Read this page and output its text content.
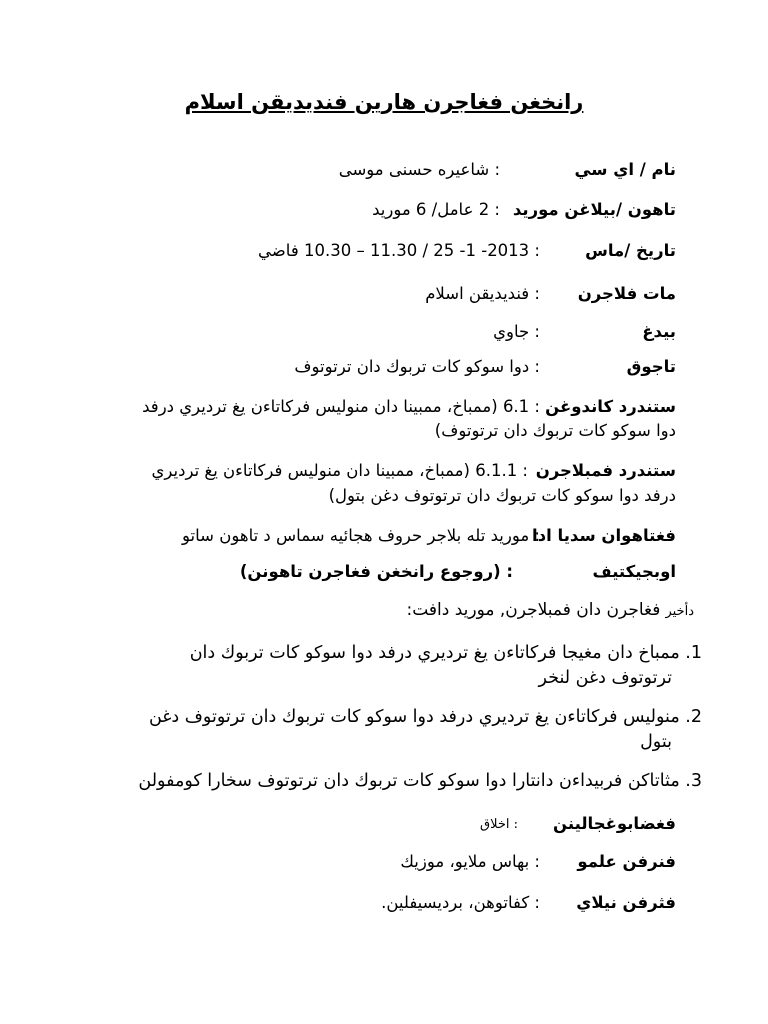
رانخغن فغاجرن هارين فنديديقن اسلام
نام / اي سي
: شاعيره حسنى موسى
تاهون /بيلاغن موريد
: 2 عامل/ 6 موريد
تاريخ /ماس
: 2013- 1- 25 / 11.30 – 10.30 فاضي
مات فلاجرن
: فنديديقن اسلام
بيدغ
: جاوي
تاجوق
: دوا سوكو كات تربوك دان ترتوتوف
ستندرد كاندوغن
: 6.1 (ممباخ، ممبينا دان منوليس فركاتاءن يغ ترديري درفد
دوا سوكو كات تربوك دان ترتوتوف)
ستندرد فمبلاجرن
: 6.1.1 (ممباخ، ممبينا دان منوليس فركاتاءن يغ ترديري
درفد دوا سوكو كات تربوك دان ترتوتوف دغن بتول)
فغتاهوان سديا ادا
: موريد تله بلاجر حروف هجائيه سماس د تاهون ساتو
اوبجيكتيف
: (روجوع رانخغن فغاجرن تاهونن)
دأخير فغاجرن دان فمبلاجرن, موريد دافت:
1. ممباخ دان مغيجا فركاتاءن يغ ترديري درفد دوا سوكو كات تربوك دان
ترتوتوف دغن لنخر
2. منوليس فركاتاءن يغ ترديري درفد دوا سوكو كات تربوك دان ترتوتوف دغن
بتول
3. مثاتاكن فربيداءن دانتارا دوا سوكو كات تربوك دان ترتوتوف سخارا كومفولن
فغضابوغجالينن
: اخلاق
فنرفن علمو
: بهاس ملايو، موزيك
فثرفن نيلاي
: كفاتوهن، برديسيفلين.
